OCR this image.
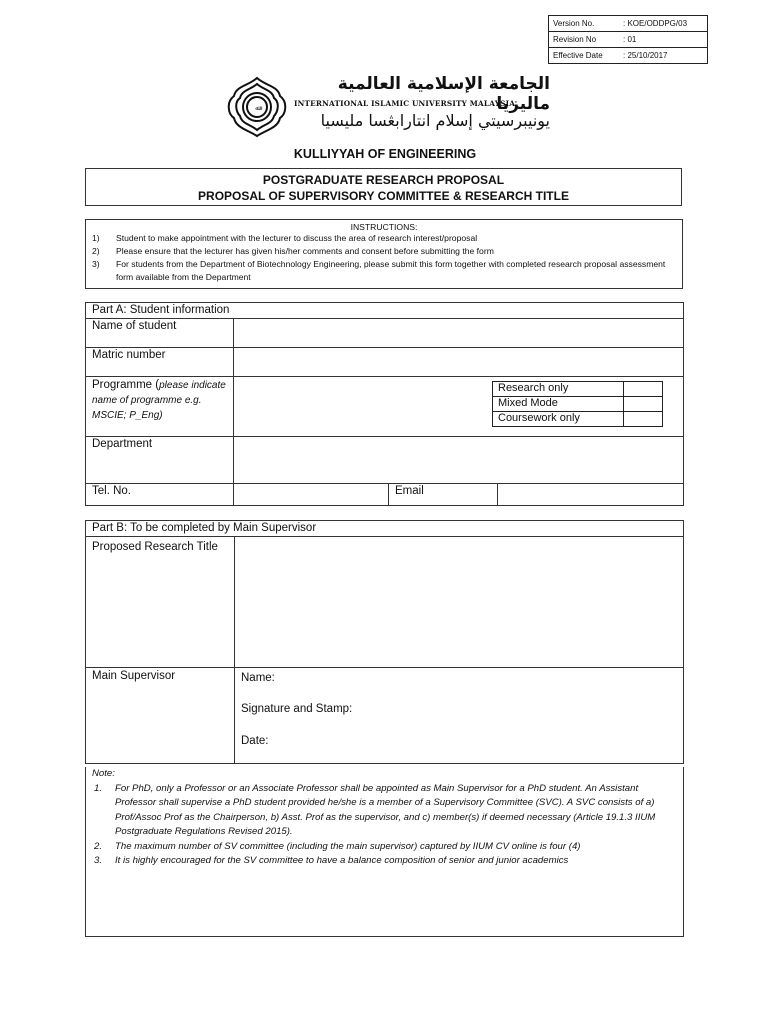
Version No.	: KOE/ODDPG/03
Revision No	: 01
Effective Date	: 25/10/2017
ﷲ
الجامعة الإسلامية العالمية ماليزيا
INTERNATIONAL ISLAMIC UNIVERSITY MALAYSIA
يونيبرسيتي إسلام انتارابڠسا مليسيا
KULLIYYAH OF ENGINEERING
POSTGRADUATE RESEARCH PROPOSAL
PROPOSAL OF SUPERVISORY COMMITTEE & RESEARCH TITLE
INSTRUCTIONS:
1) Student to make appointment with the lecturer to discuss the area of research interest/proposal
2) Please ensure that the lecturer has given his/her comments and consent before submitting the form
3) For students from the Department of Biotechnology Engineering, please submit this form together with completed research proposal assessment form available from the Department
Part A: Student information
Name of student	
Matric number	
Programme (please indicate name of programme e.g. MSCIE; P_Eng)	
Research only	
Mixed Mode	
Coursework only	

Department	
Tel. No.		Email	
Part B: To be completed by Main Supervisor	
Proposed Research Title	
Main Supervisor	Name:
Signature and Stamp:
Date:
Note:
1. For PhD, only a Professor or an Associate Professor shall be appointed as Main Supervisor for a PhD student. An Assistant Professor shall supervise a PhD student provided he/she is a member of a Supervisory Committee (SVC). A SVC consists of a) Prof/Assoc Prof as the Chairperson, b) Asst. Prof as the supervisor, and c) member(s) if deemed necessary (Article 19.1.3 IIUM Postgraduate Regulations Revised 2015).
2. The maximum number of SV committee (including the main supervisor) captured by IIUM CV online is four (4)
3. It is highly encouraged for the SV committee to have a balance composition of senior and junior academics
